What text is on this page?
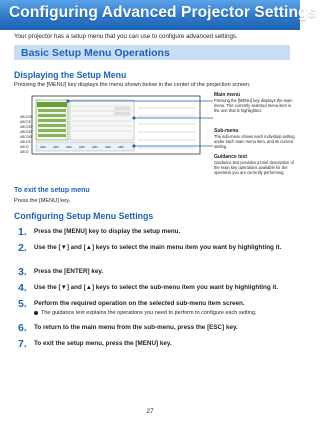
Configuring Advanced Projector Settings
Your projector has a setup menu that you can use to configure advanced settings.
Basic Setup Menu Operations
Displaying the Setup Menu
Pressing the [MENU] key displays the menu shown below in the center of the projection screen.
ABCDEF
ABCDE
ABCDEF
ABCDEF
ABCDEF
ABCDE
ABCD
ABCD
ABC ABC ABC ABC ABC ABC ABC
Main menu
Pressing the [MENU] key displays the main menu. The currently selected menu item is the one that is highlighted.
Sub-menu
The sub-menu shows each individual setting under each main menu item, and its current setting.
Guidance text
Guidance text provides a brief description of the main key operations available for the operation you are currently performing.
To exit the setup menu
Press the [MENU] key.
Configuring Setup Menu Settings
1. Press the [MENU] key to display the setup menu.
2. Use the [▼] and [▲] keys to select the main menu item you want by highlighting it.
3. Press the [ENTER] key.
4. Use the [▼] and [▲] keys to select the sub-menu item you want by highlighting it.
5. Perform the required operation on the selected sub-menu item screen.
The guidance text explains the operations you need to perform to configure each setting.
6. To return to the main menu from the sub-menu, press the [ESC] key.
7. To exit the setup menu, press the [MENU] key.
27
